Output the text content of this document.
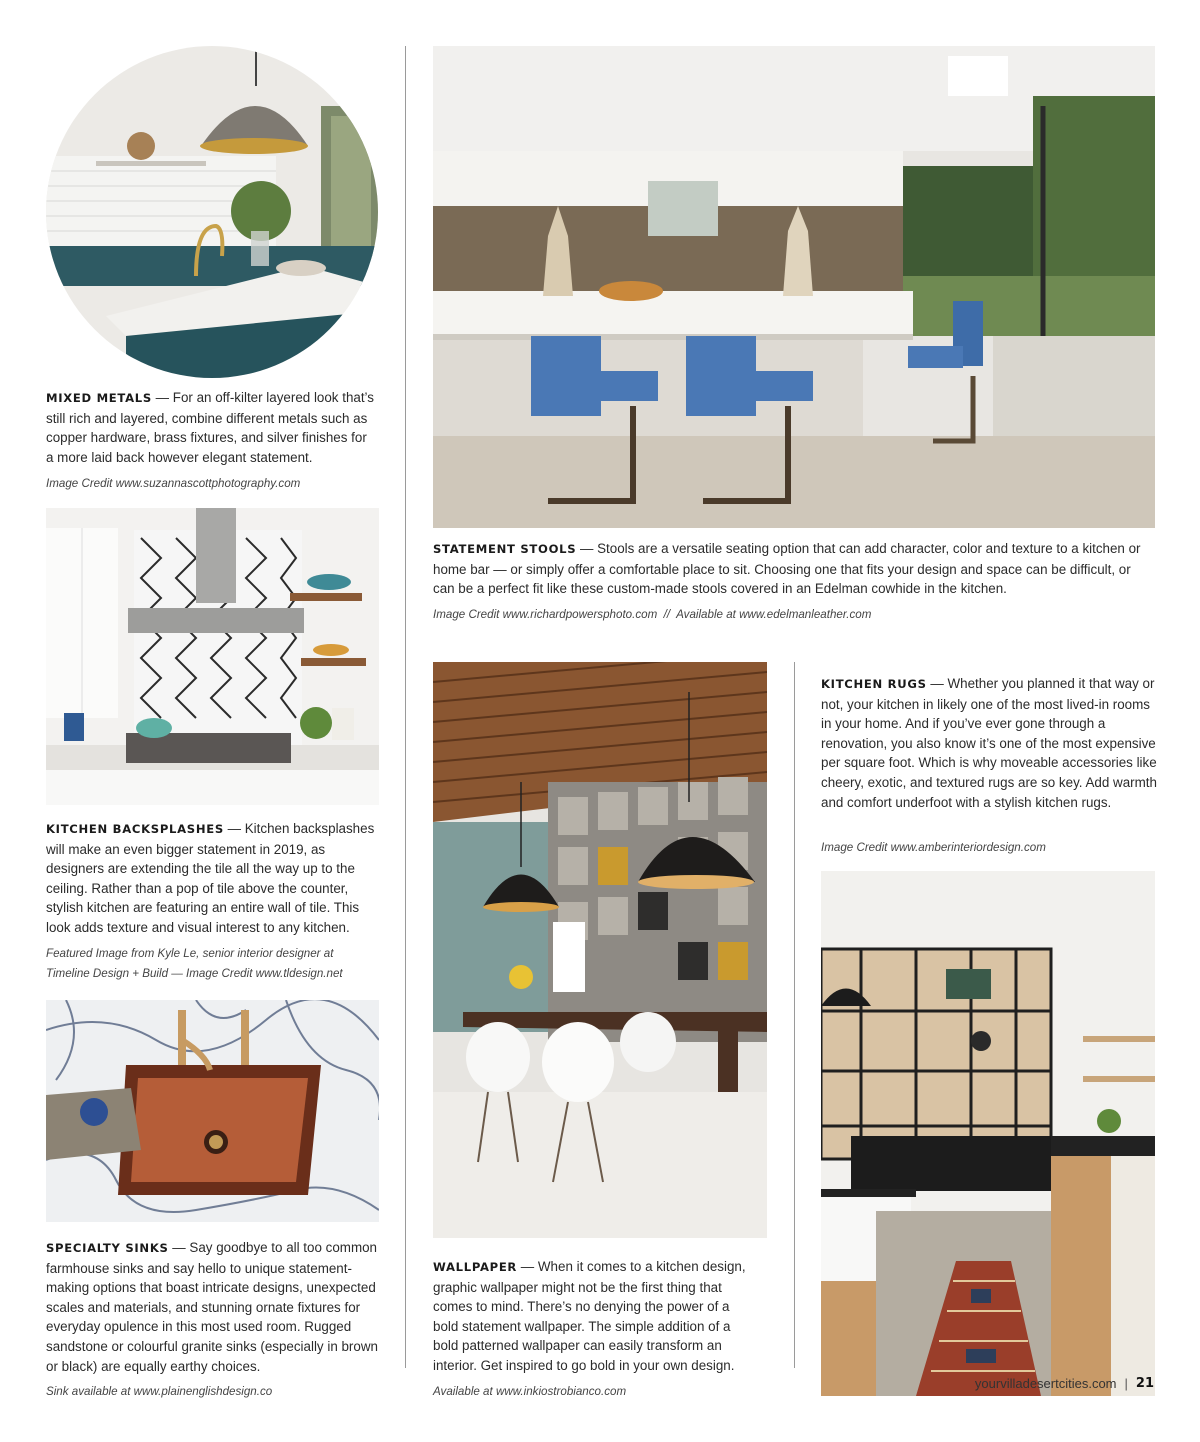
MIXED METALS — For an off-kilter layered look that’s still rich and layered, combine different metals such as copper hardware, brass fixtures, and silver finishes for a more laid back however elegant statement.
Image Credit www.suzannascottphotography.com
STATEMENT STOOLS — Stools are a versatile seating option that can add character, color and texture to a kitchen or home bar — or simply offer a comfortable place to sit. Choosing one that fits your design and space can be difficult, or can be a perfect fit like these custom-made stools covered in an Edelman cowhide in the kitchen.
Image Credit www.richardpowersphoto.com  //  Available at www.edelmanleather.com
KITCHEN BACKSPLASHES — Kitchen backsplashes will make an even bigger statement in 2019, as designers are extending the tile all the way up to the ceiling. Rather than a pop of tile above the counter, stylish kitchen are featuring an entire wall of tile. This look adds texture and visual interest to any kitchen.
Featured Image from Kyle Le, senior interior designer at
Timeline Design + Build — Image Credit www.tldesign.net
SPECIALTY SINKS — Say goodbye to all too common farmhouse sinks and say hello to unique statement-making options that boast intricate designs, unexpected scales and materials, and stunning ornate fixtures for everyday opulence in this most used room. Rugged sandstone or colourful granite sinks (especially in brown or black) are equally earthy choices.
Sink available at www.plainenglishdesign.co
WALLPAPER — When it comes to a kitchen design, graphic wallpaper might not be the first thing that comes to mind. There’s no denying the power of a bold statement wallpaper. The simple addition of a bold patterned wallpaper can easily transform an interior. Get inspired to go bold in your own design.
Available at www.inkiostrobianco.com
KITCHEN RUGS — Whether you planned it that way or not, your kitchen in likely one of the most lived-in rooms in your home. And if you’ve ever gone through a renovation, you also know it’s one of the most expensive per square foot. Which is why moveable accessories like cheery, exotic, and textured rugs are so key. Add warmth and comfort underfoot with a stylish kitchen rugs.
Image Credit www.amberinteriordesign.com
yourvilladesertcities.com | 21
